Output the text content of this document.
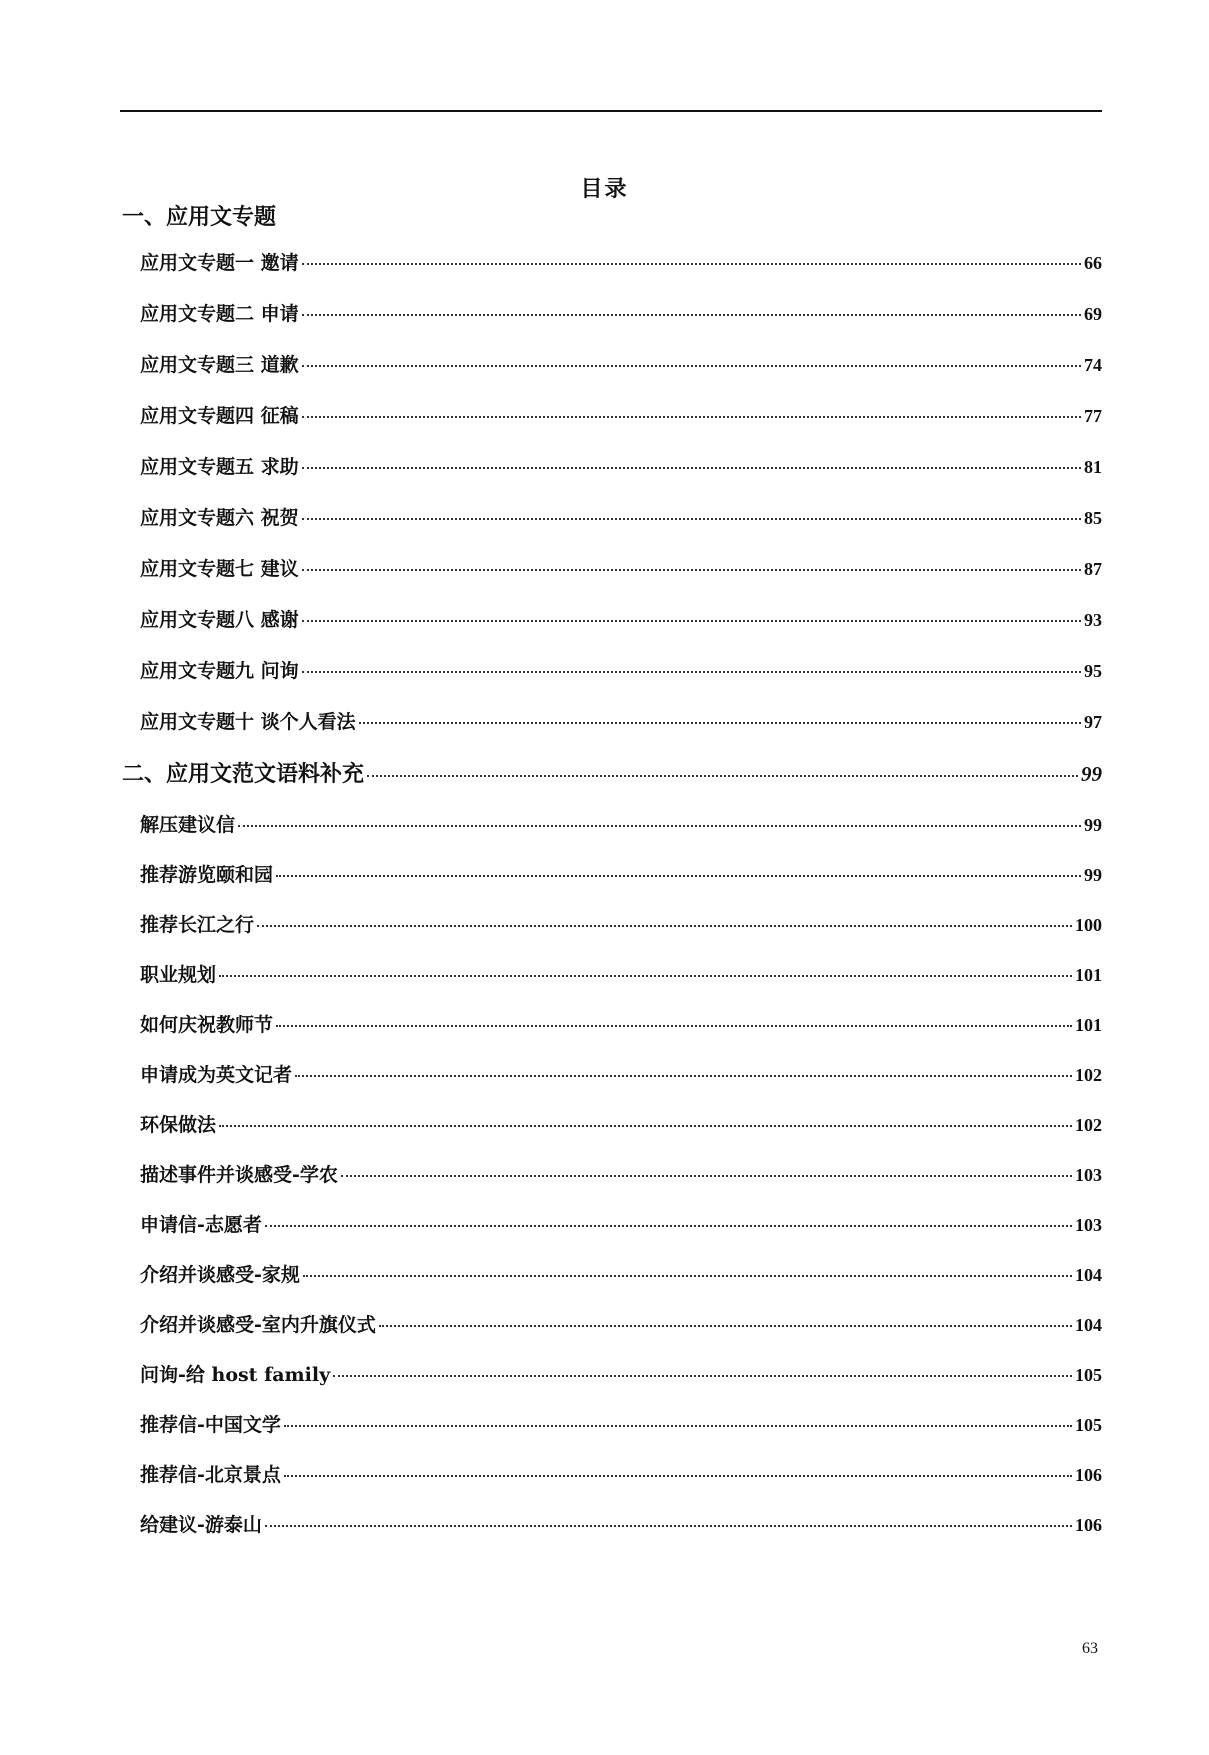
目录
一、应用文专题
应用文专题一 邀请	66
应用文专题二 申请	69
应用文专题三 道歉	74
应用文专题四 征稿	77
应用文专题五 求助	81
应用文专题六 祝贺	85
应用文专题七 建议	87
应用文专题八 感谢	93
应用文专题九 问询	95
应用文专题十 谈个人看法	97
二、应用文范文语料补充	99
解压建议信	99
推荐游览颐和园	99
推荐长江之行	100
职业规划	101
如何庆祝教师节	101
申请成为英文记者	102
环保做法	102
描述事件并谈感受-学农	103
申请信-志愿者	103
介绍并谈感受-家规	104
介绍并谈感受-室内升旗仪式	104
问询-给 host family	105
推荐信-中国文学	105
推荐信-北京景点	106
给建议-游泰山	106
63
